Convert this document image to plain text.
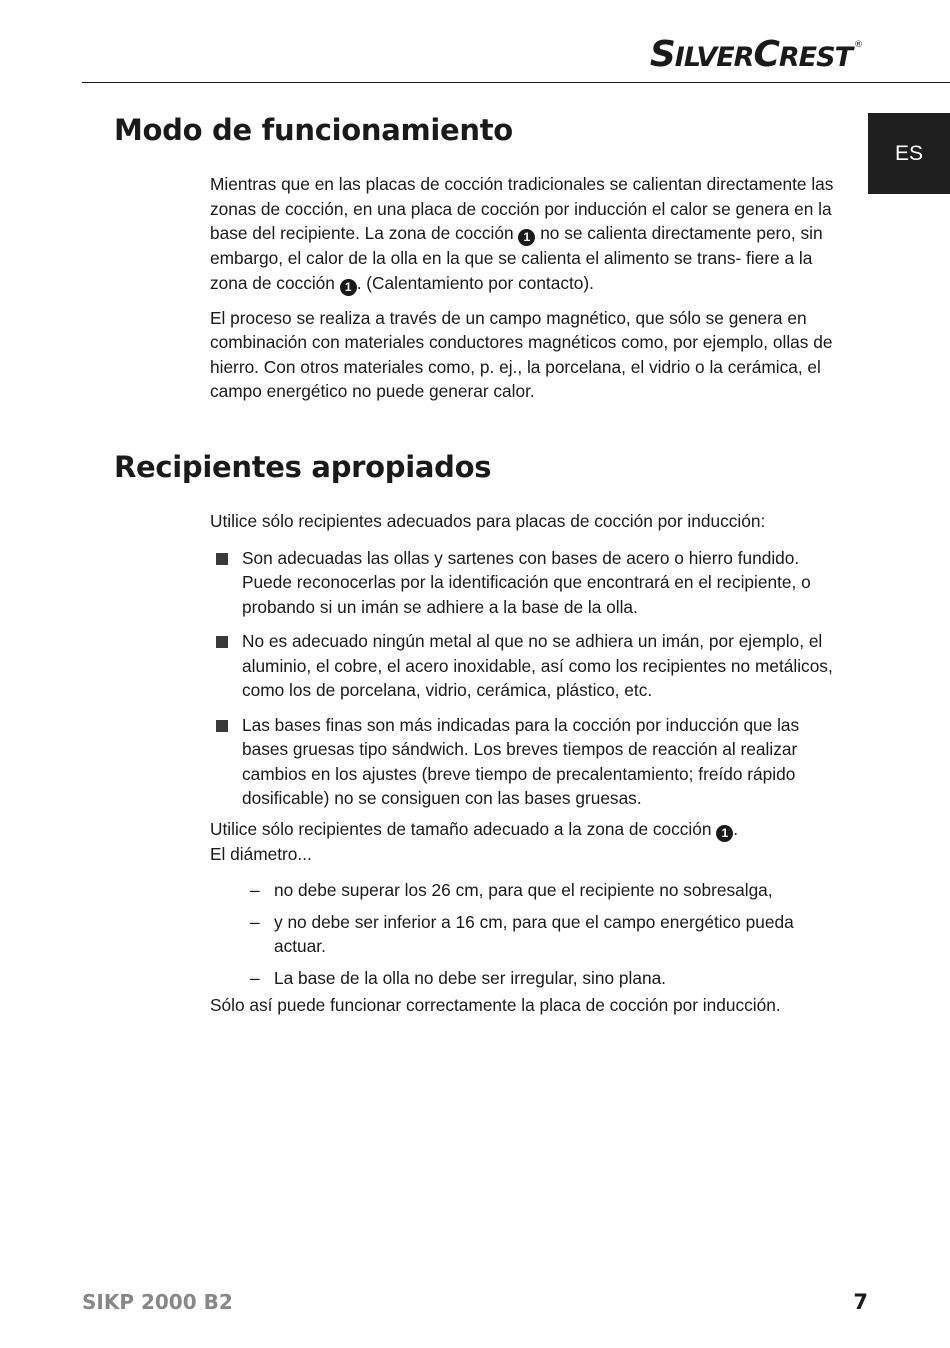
SILVERCREST ®
ES
Modo de funcionamiento

Mientras que en las placas de cocción tradicionales se calientan directamente las zonas de cocción, en una placa de cocción por inducción el calor se genera en la base del recipiente. La zona de cocción 1 no se calienta directamente pero, sin embargo, el calor de la olla en la que se calienta el alimento se trans- fiere a la zona de cocción 1 . (Calentamiento por contacto).

El proceso se realiza a través de un campo magnético, que sólo se genera en combinación con materiales conductores magnéticos como, por ejemplo, ollas de hierro. Con otros materiales como, p. ej., la porcelana, el vidrio o la cerámica, el campo energético no puede generar calor.

Recipientes apropiados

Utilice sólo recipientes adecuados para placas de cocción por inducción:

Son adecuadas las ollas y sartenes con bases de acero o hierro fundido. Puede reconocerlas por la identificación que encontrará en el recipiente, o probando si un imán se adhiere a la base de la olla.
No es adecuado ningún metal al que no se adhiera un imán, por ejemplo, el aluminio, el cobre, el acero inoxidable, así como los recipientes no metálicos, como los de porcelana, vidrio, cerámica, plástico, etc.
Las bases finas son más indicadas para la cocción por inducción que las bases gruesas tipo sándwich. Los breves tiempos de reacción al realizar cambios en los ajustes (breve tiempo de precalentamiento; freído rápido dosificable) no se consiguen con las bases gruesas.

Utilice sólo recipientes de tamaño adecuado a la zona de cocción 1 .

El diámetro...

– no debe superar los 26 cm, para que el recipiente no sobresalga,
– y no debe ser inferior a 16 cm, para que el campo energético pueda actuar.
– La base de la olla no debe ser irregular, sino plana.

Sólo así puede funcionar correctamente la placa de cocción por inducción.

SIKP 2000 B2	7
